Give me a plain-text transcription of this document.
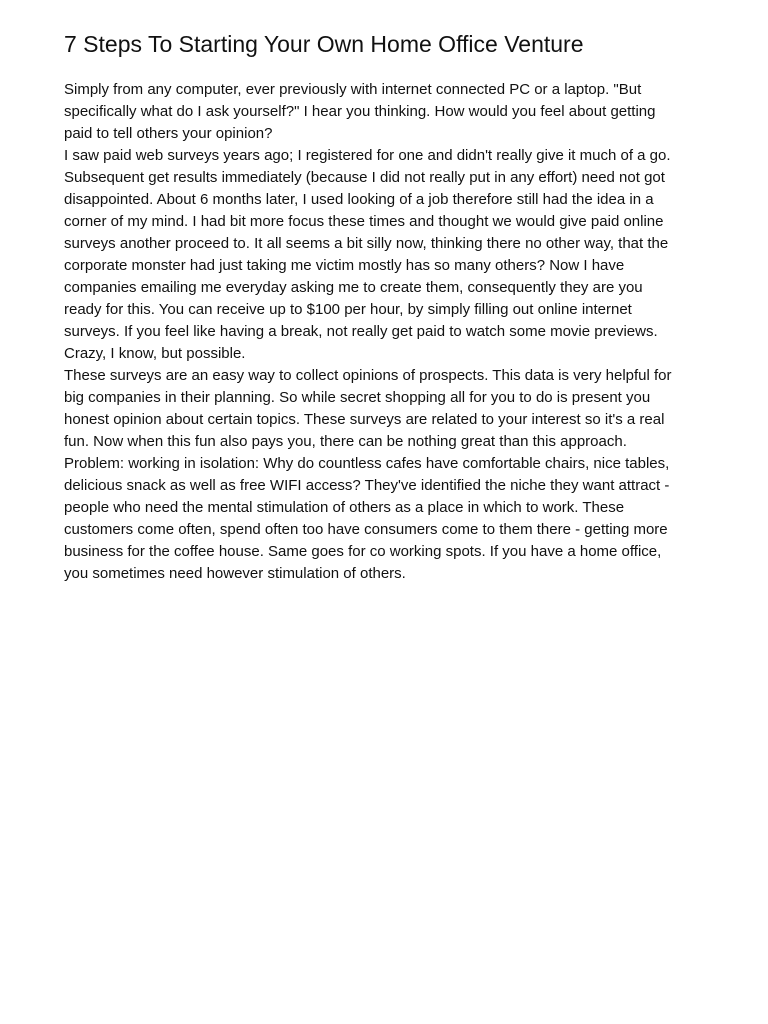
7 Steps To Starting Your Own Home Office Venture

Simply from any computer, ever previously with internet connected PC or a laptop. "But
specifically what do I ask yourself?" I hear you thinking. How would you feel about getting
paid to tell others your opinion?

I saw paid web surveys years ago; I registered for one and didn't really give it much of a go.
Subsequent get results immediately (because I did not really put in any effort) need not got
disappointed. About 6 months later, I used looking of a job therefore still had the idea in a
corner of my mind. I had bit more focus these times and thought we would give paid online
surveys another proceed to. It all seems a bit silly now, thinking there no other way, that the
corporate monster had just taking me victim mostly has so many others? Now I have
companies emailing me everyday asking me to create them, consequently they are you
ready for this. You can receive up to $100 per hour, by simply filling out online internet
surveys. If you feel like having a break, not really get paid to watch some movie previews.
Crazy, I know, but possible.

These surveys are an easy way to collect opinions of prospects. This data is very helpful for
big companies in their planning. So while secret shopping all for you to do is present you
honest opinion about certain topics. These surveys are related to your interest so it's a real
fun. Now when this fun also pays you, there can be nothing great than this approach.

Problem: working in isolation: Why do countless cafes have comfortable chairs, nice tables,
delicious snack as well as free WIFI access? They've identified the niche they want attract -
people who need the mental stimulation of others as a place in which to work. These
customers come often, spend often too have consumers come to them there - getting more
business for the coffee house. Same goes for co working spots. If you have a home office,
you sometimes need however stimulation of others.
